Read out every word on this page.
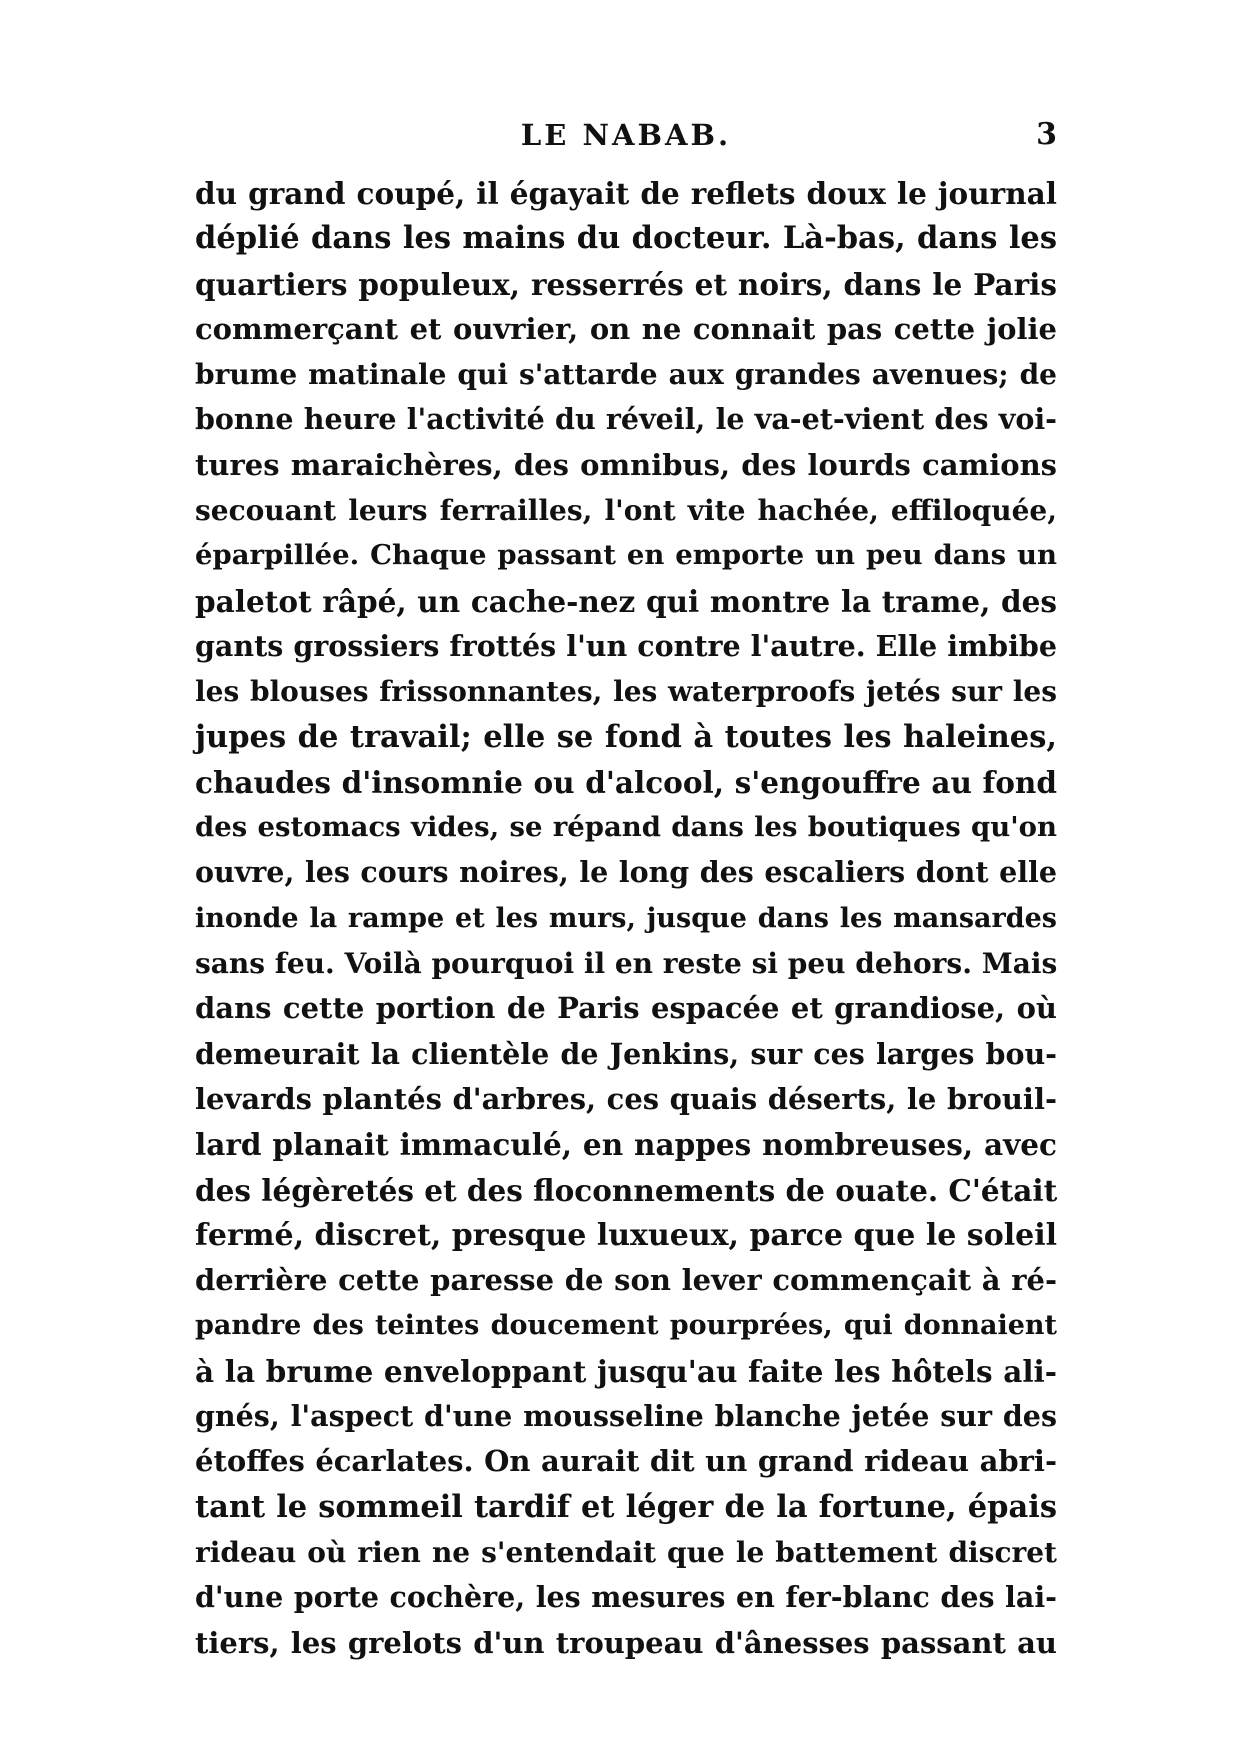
LE NABAB.	3
du grand coupé, il égayait de reflets doux le journal
déplié dans les mains du docteur. Là-bas, dans les
quartiers populeux, resserrés et noirs, dans le Paris
commerçant et ouvrier, on ne connait pas cette jolie
brume matinale qui s'attarde aux grandes avenues; de
bonne heure l'activité du réveil, le va-et-vient des voi-
tures maraichères, des omnibus, des lourds camions
secouant leurs ferrailles, l'ont vite hachée, effiloquée,
éparpillée. Chaque passant en emporte un peu dans un
paletot râpé, un cache-nez qui montre la trame, des
gants grossiers frottés l'un contre l'autre. Elle imbibe
les blouses frissonnantes, les waterproofs jetés sur les
jupes de travail; elle se fond à toutes les haleines,
chaudes d'insomnie ou d'alcool, s'engouffre au fond
des estomacs vides, se répand dans les boutiques qu'on
ouvre, les cours noires, le long des escaliers dont elle
inonde la rampe et les murs, jusque dans les mansardes
sans feu. Voilà pourquoi il en reste si peu dehors. Mais
dans cette portion de Paris espacée et grandiose, où
demeurait la clientèle de Jenkins, sur ces larges bou-
levards plantés d'arbres, ces quais déserts, le brouil-
lard planait immaculé, en nappes nombreuses, avec
des légèretés et des floconnements de ouate. C'était
fermé, discret, presque luxueux, parce que le soleil
derrière cette paresse de son lever commençait à ré-
pandre des teintes doucement pourprées, qui donnaient
à la brume enveloppant jusqu'au faite les hôtels ali-
gnés, l'aspect d'une mousseline blanche jetée sur des
étoffes écarlates. On aurait dit un grand rideau abri-
tant le sommeil tardif et léger de la fortune, épais
rideau où rien ne s'entendait que le battement discret
d'une porte cochère, les mesures en fer-blanc des lai-
tiers, les grelots d'un troupeau d'ânesses passant au
